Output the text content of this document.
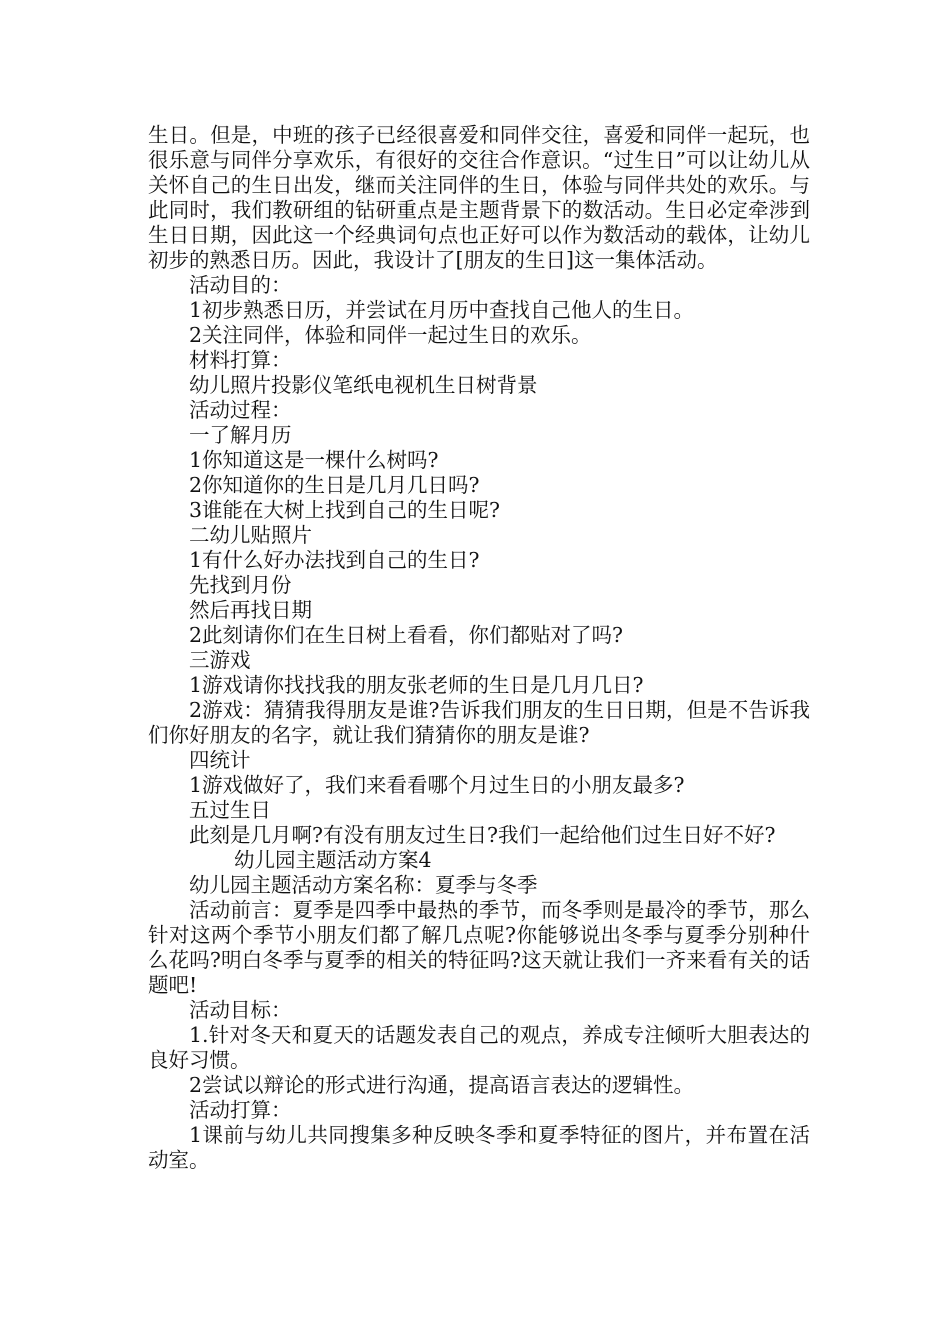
生日。但是，中班的孩子已经很喜爱和同伴交往，喜爱和同伴一起玩，也很乐意与同伴分享欢乐，有很好的交往合作意识。“过生日”可以让幼儿从关怀自己的生日出发，继而关注同伴的生日，体验与同伴共处的欢乐。与此同时，我们教研组的钻研重点是主题背景下的数活动。生日必定牵涉到生日日期，因此这一个经典词句点也正好可以作为数活动的载体，让幼儿初步的熟悉日历。因此，我设计了[朋友的生日]这一集体活动。

活动目的：

1初步熟悉日历，并尝试在月历中查找自己他人的生日。

2关注同伴，体验和同伴一起过生日的欢乐。

材料打算：

幼儿照片投影仪笔纸电视机生日树背景

活动过程：

一了解月历

1你知道这是一棵什么树吗?

2你知道你的生日是几月几日吗?

3谁能在大树上找到自己的生日呢?

二幼儿贴照片

1有什么好办法找到自己的生日?

先找到月份

然后再找日期

2此刻请你们在生日树上看看，你们都贴对了吗?

三游戏

1游戏请你找找我的朋友张老师的生日是几月几日?

2游戏：猜猜我得朋友是谁?告诉我们朋友的生日日期，但是不告诉我们你好朋友的名字，就让我们猜猜你的朋友是谁?

四统计

1游戏做好了，我们来看看哪个月过生日的小朋友最多?

五过生日

此刻是几月啊?有没有朋友过生日?我们一起给他们过生日好不好?

幼儿园主题活动方案4

幼儿园主题活动方案名称：夏季与冬季

活动前言：夏季是四季中最热的季节，而冬季则是最冷的季节，那么针对这两个季节小朋友们都了解几点呢?你能够说出冬季与夏季分别种什么花吗?明白冬季与夏季的相关的特征吗?这天就让我们一齐来看有关的话题吧!

活动目标：

1.针对冬天和夏天的话题发表自己的观点，养成专注倾听大胆表达的良好习惯。

2尝试以辩论的形式进行沟通，提高语言表达的逻辑性。

活动打算：

1课前与幼儿共同搜集多种反映冬季和夏季特征的图片，并布置在活动室。
